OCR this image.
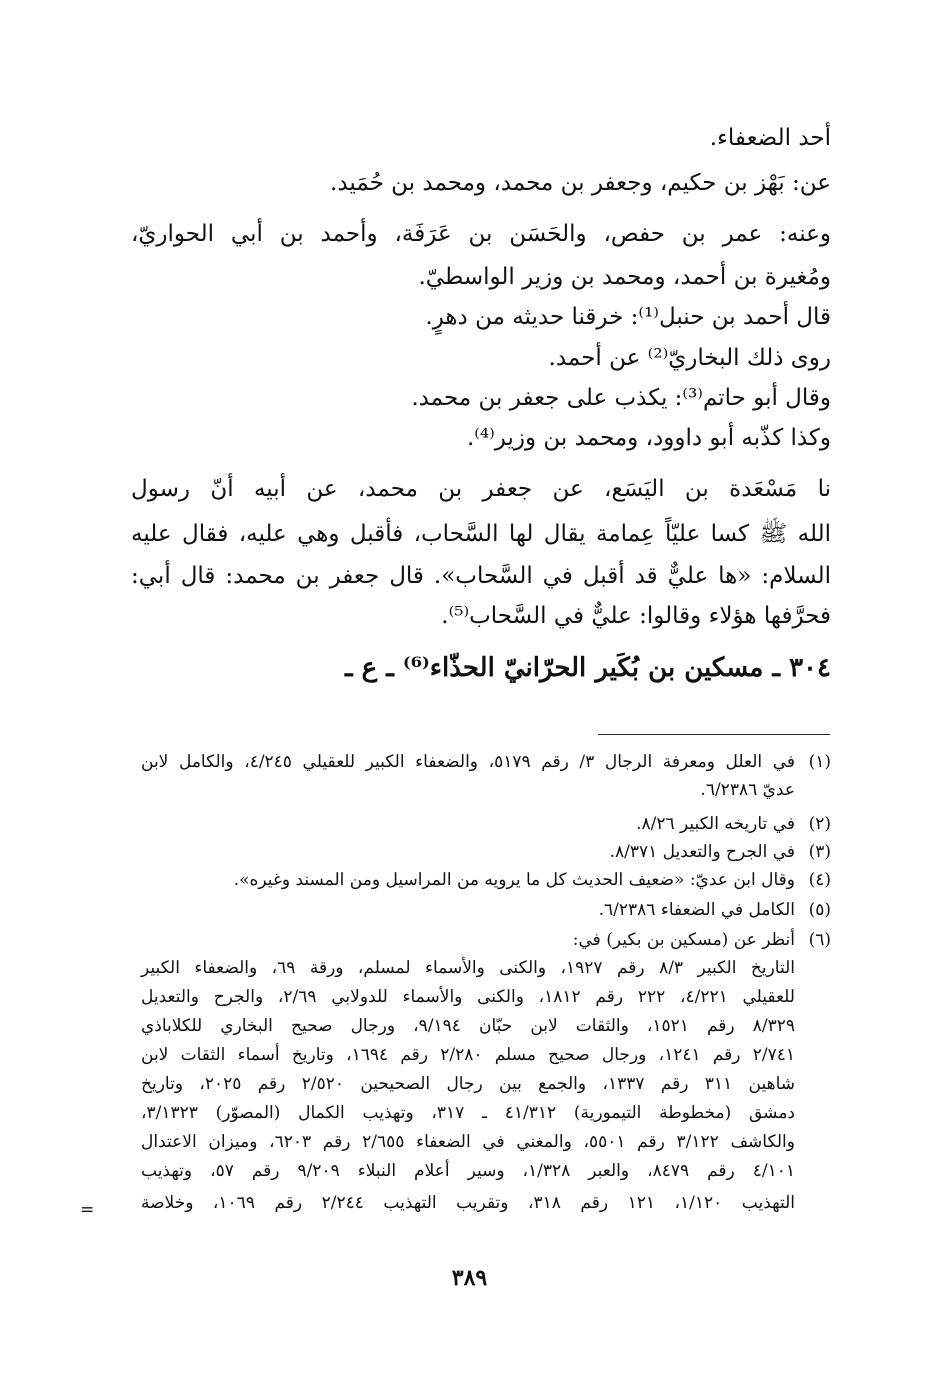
أحد الضعفاء.
عن: بَهْز بن حكيم، وجعفر بن محمد، ومحمد بن حُمَيد.
وعنه: عمر بن حفص، والحَسَن بن عَرَفَة، وأحمد بن أبي الحواريّ،
ومُغيرة بن أحمد، ومحمد بن وزير الواسطيّ.
قال أحمد بن حنبل⁽¹⁾: خرقنا حديثه من دهرٍ.
روى ذلك البخاريّ⁽²⁾ عن أحمد.
وقال أبو حاتم⁽³⁾: يكذب على جعفر بن محمد.
وكذا كذّبه أبو داوود، ومحمد بن وزير⁽⁴⁾.
نا مَسْعَدة بن اليَسَع، عن جعفر بن محمد، عن أبيه أنّ رسول
الله ﷺ كسا عليّاً عِمامة يقال لها السَّحاب، فأقبل وهي عليه، فقال عليه
السلام: «ها عليٌّ قد أقبل في السَّحاب». قال جعفر بن محمد: قال أبي:
فحرَّفها هؤلاء وقالوا: عليٌّ في السَّحاب⁽⁵⁾.
٣٠٤ ـ مسكين بن بُكَير الحرّانيّ الحذّاء⁽⁶⁾ ـ ع ـ
(١)
في العلل ومعرفة الرجال ٣/ رقم ٥١٧٩، والضعفاء الكبير للعقيلي ٤/٢٤٥، والكامل لابن
عديّ ٦/٢٣٨٦.
(٢)
في تاريخه الكبير ٨/٢٦.
(٣)
في الجرح والتعديل ٨/٣٧١.
(٤)
وقال ابن عديّ: «ضعيف الحديث كل ما يرويه من المراسيل ومن المسند وغيره».
(٥)
الكامل في الضعفاء ٦/٢٣٨٦.
(٦)
أنظر عن (مسكين بن بكير) في:
التاريخ الكبير ٨/٣ رقم ١٩٢٧، والكنى والأسماء لمسلم، ورقة ٦٩، والضعفاء الكبير
للعقيلي ٤/٢٢١، ٢٢٢ رقم ١٨١٢، والكنى والأسماء للدولابي ٢/٦٩، والجرح والتعديل
٨/٣٢٩ رقم ١٥٢١، والثقات لابن حبّان ٩/١٩٤، ورجال صحيح البخاري للكلاباذي
٢/٧٤١ رقم ١٢٤١، ورجال صحيح مسلم ٢/٢٨٠ رقم ١٦٩٤، وتاريخ أسماء الثقات لابن
شاهين ٣١١ رقم ١٣٣٧، والجمع بين رجال الصحيحين ٢/٥٢٠ رقم ٢٠٢٥، وتاريخ
دمشق (مخطوطة التيمورية) ٤١/٣١٢ ـ ٣١٧، وتهذيب الكمال (المصوّر) ٣/١٣٢٣،
والكاشف ٣/١٢٢ رقم ٥٥٠١، والمغني في الضعفاء ٢/٦٥٥ رقم ٦٢٠٣، وميزان الاعتدال
٤/١٠١ رقم ٨٤٧٩، والعبر ١/٣٢٨، وسير أعلام النبلاء ٩/٢٠٩ رقم ٥٧، وتهذيب
التهذيب ١/١٢٠، ١٢١ رقم ٣١٨، وتقريب التهذيب ٢/٢٤٤ رقم ١٠٦٩، وخلاصة
=
٣٨٩
